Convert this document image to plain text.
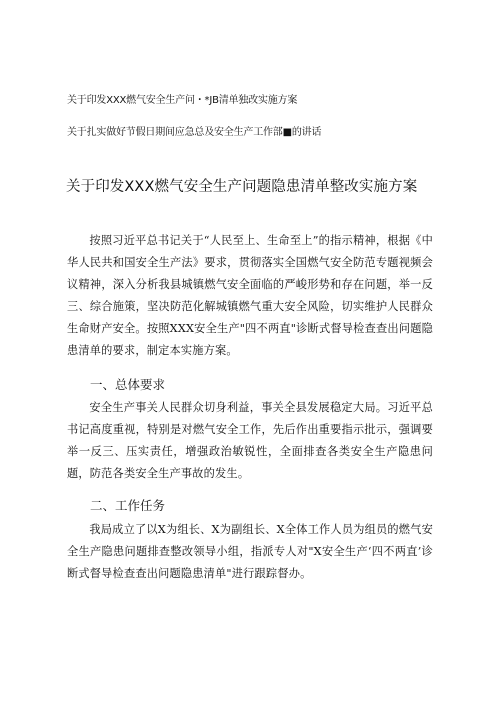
关于印发XXX燃气安全生产问・*JB清单独改实施方案
关于扎实做好节假日期间应急总及安全生产工作部■的讲话
关于印发XXX燃气安全生产问题隐患清单整改实施方案

按照习近平总书记关于“人民至上、生命至上”的指示精神，根据《中华人民共和国安全生产法》要求，贯彻落实全国燃气安全防范专题视频会议精神，深入分析我县城镇燃气安全面临的严峻形势和存在问题，举一反三、综合施策，坚决防范化解城镇燃气重大安全风险，切实维护人民群众生命财产安全。按照XXX安全生产"四不两直"诊断式督导检查查出问题隐患清单的要求，制定本实施方案。

一、总体要求

安全生产事关人民群众切身利益，事关全县发展稳定大局。习近平总书记高度重视，特别是对燃气安全工作，先后作出重要指示批示，强调要举一反三、压实责任，增强政治敏锐性，全面排查各类安全生产隐患问题，防范各类安全生产事故的发生。

二、工作任务

我局成立了以X为组长、X为副组长、X全体工作人员为组员的燃气安全生产隐患问题排查整改领导小组，指派专人对"X安全生产‘四不两直’诊断式督导检查查出问题隐患清单"进行跟踪督办。
